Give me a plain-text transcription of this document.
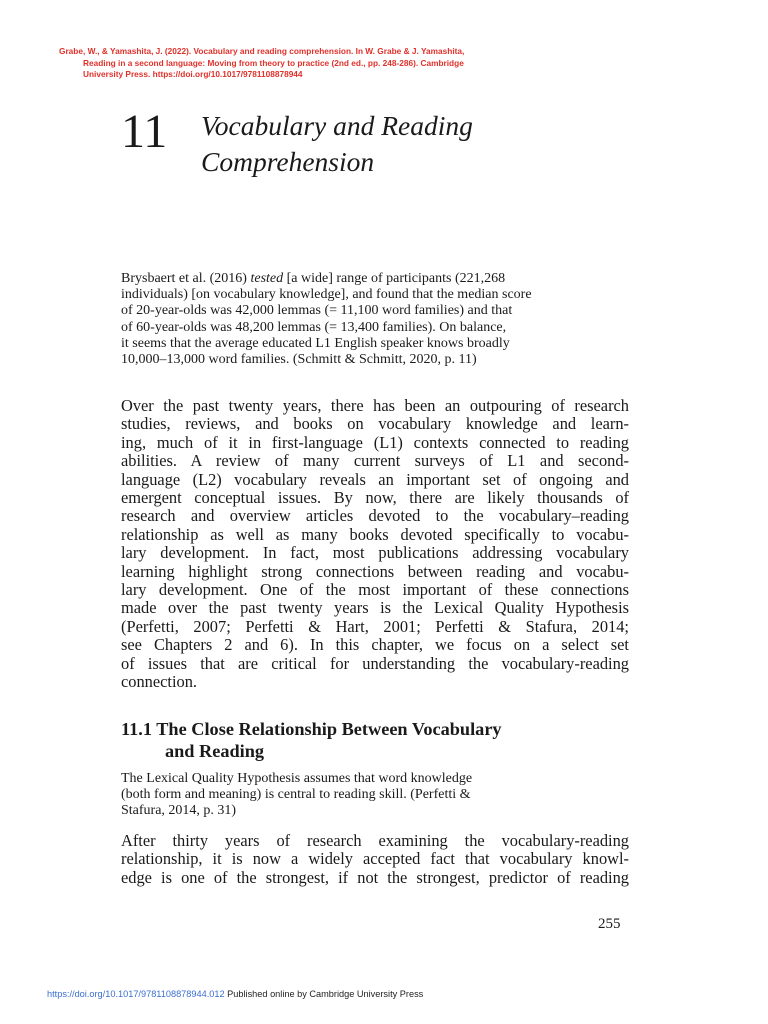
Grabe, W., & Yamashita, J. (2022). Vocabulary and reading comprehension. In W. Grabe & J. Yamashita,
Reading in a second language: Moving from theory to practice (2nd ed., pp. 248-286). Cambridge
University Press. https://doi.org/10.1017/9781108878944
11 Vocabulary and Reading
Comprehension
Brysbaert et al. (2016) tested [a wide] range of participants (221,268
individuals) [on vocabulary knowledge], and found that the median score
of 20-year-olds was 42,000 lemmas (= 11,100 word families) and that
of 60-year-olds was 48,200 lemmas (= 13,400 families). On balance,
it seems that the average educated L1 English speaker knows broadly
10,000–13,000 word families. (Schmitt & Schmitt, 2020, p. 11)
Over the past twenty years, there has been an outpouring of research
studies, reviews, and books on vocabulary knowledge and learn-
ing, much of it in first-language (L1) contexts connected to reading
abilities. A review of many current surveys of L1 and second-
language (L2) vocabulary reveals an important set of ongoing and
emergent conceptual issues. By now, there are likely thousands of
research and overview articles devoted to the vocabulary–reading
relationship as well as many books devoted specifically to vocabu-
lary development. In fact, most publications addressing vocabulary
learning highlight strong connections between reading and vocabu-
lary development. One of the most important of these connections
made over the past twenty years is the Lexical Quality Hypothesis
(Perfetti, 2007; Perfetti & Hart, 2001; Perfetti & Stafura, 2014;
see Chapters 2 and 6). In this chapter, we focus on a select set
of issues that are critical for understanding the vocabulary-reading
connection.
11.1 The Close Relationship Between Vocabulary
and Reading
The Lexical Quality Hypothesis assumes that word knowledge
(both form and meaning) is central to reading skill. (Perfetti &
Stafura, 2014, p. 31)
After thirty years of research examining the vocabulary-reading
relationship, it is now a widely accepted fact that vocabulary knowl-
edge is one of the strongest, if not the strongest, predictor of reading
255
https://doi.org/10.1017/9781108878944.012 Published online by Cambridge University Press
